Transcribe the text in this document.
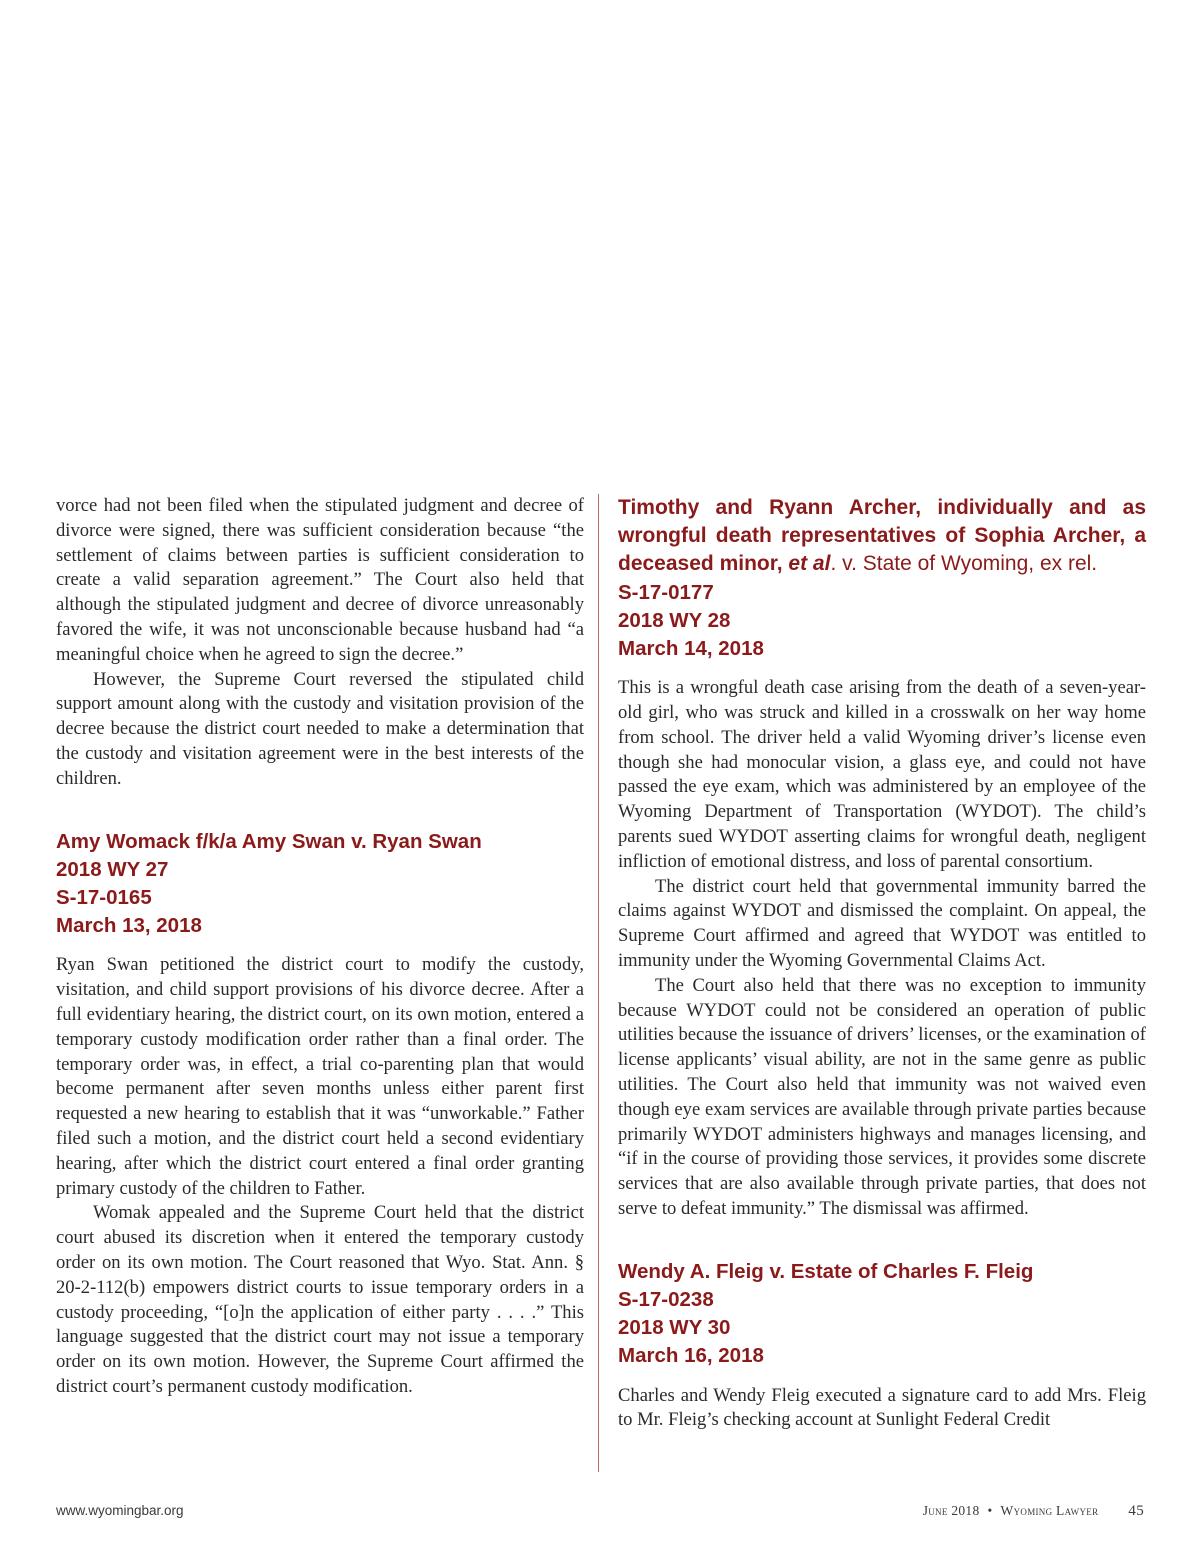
vorce had not been filed when the stipulated judgment and decree of divorce were signed, there was sufficient consideration because “the settlement of claims between parties is sufficient consideration to create a valid separation agreement.” The Court also held that although the stipulated judgment and decree of divorce unreasonably favored the wife, it was not unconscionable because husband had “a meaningful choice when he agreed to sign the decree.”

However, the Supreme Court reversed the stipulated child support amount along with the custody and visitation provision of the decree because the district court needed to make a determination that the custody and visitation agreement were in the best interests of the children.

Amy Womack f/k/a Amy Swan v. Ryan Swan
2018 WY 27
S-17-0165
March 13, 2018

Ryan Swan petitioned the district court to modify the custody, visitation, and child support provisions of his divorce decree. After a full evidentiary hearing, the district court, on its own motion, entered a temporary custody modification order rather than a final order. The temporary order was, in effect, a trial co-parenting plan that would become permanent after seven months unless either parent first requested a new hearing to establish that it was “unworkable.” Father filed such a motion, and the district court held a second evidentiary hearing, after which the district court entered a final order granting primary custody of the children to Father.

Womak appealed and the Supreme Court held that the district court abused its discretion when it entered the temporary custody order on its own motion. The Court reasoned that Wyo. Stat. Ann. § 20-2-112(b) empowers district courts to issue temporary orders in a custody proceeding, “[o]n the application of either party . . . .” This language suggested that the district court may not issue a temporary order on its own motion. However, the Supreme Court affirmed the district court’s permanent custody modification.

Timothy and Ryann Archer, individually and as wrongful death representatives of Sophia Archer, a deceased minor, et al. v. State of Wyoming, ex rel.
S-17-0177
2018 WY 28
March 14, 2018

This is a wrongful death case arising from the death of a seven-year-old girl, who was struck and killed in a crosswalk on her way home from school. The driver held a valid Wyoming driver’s license even though she had monocular vision, a glass eye, and could not have passed the eye exam, which was administered by an employee of the Wyoming Department of Transportation (WYDOT). The child’s parents sued WYDOT asserting claims for wrongful death, negligent infliction of emotional distress, and loss of parental consortium.

The district court held that governmental immunity barred the claims against WYDOT and dismissed the complaint. On appeal, the Supreme Court affirmed and agreed that WYDOT was entitled to immunity under the Wyoming Governmental Claims Act.

The Court also held that there was no exception to immunity because WYDOT could not be considered an operation of public utilities because the issuance of drivers’ licenses, or the examination of license applicants’ visual ability, are not in the same genre as public utilities. The Court also held that immunity was not waived even though eye exam services are available through private parties because primarily WYDOT administers highways and manages licensing, and “if in the course of providing those services, it provides some discrete services that are also available through private parties, that does not serve to defeat immunity.” The dismissal was affirmed.

Wendy A. Fleig v. Estate of Charles F. Fleig
S-17-0238
2018 WY 30
March 16, 2018

Charles and Wendy Fleig executed a signature card to add Mrs. Fleig to Mr. Fleig’s checking account at Sunlight Federal Credit

www.wyomingbar.org	June 2018 • Wyoming Lawyer 45
